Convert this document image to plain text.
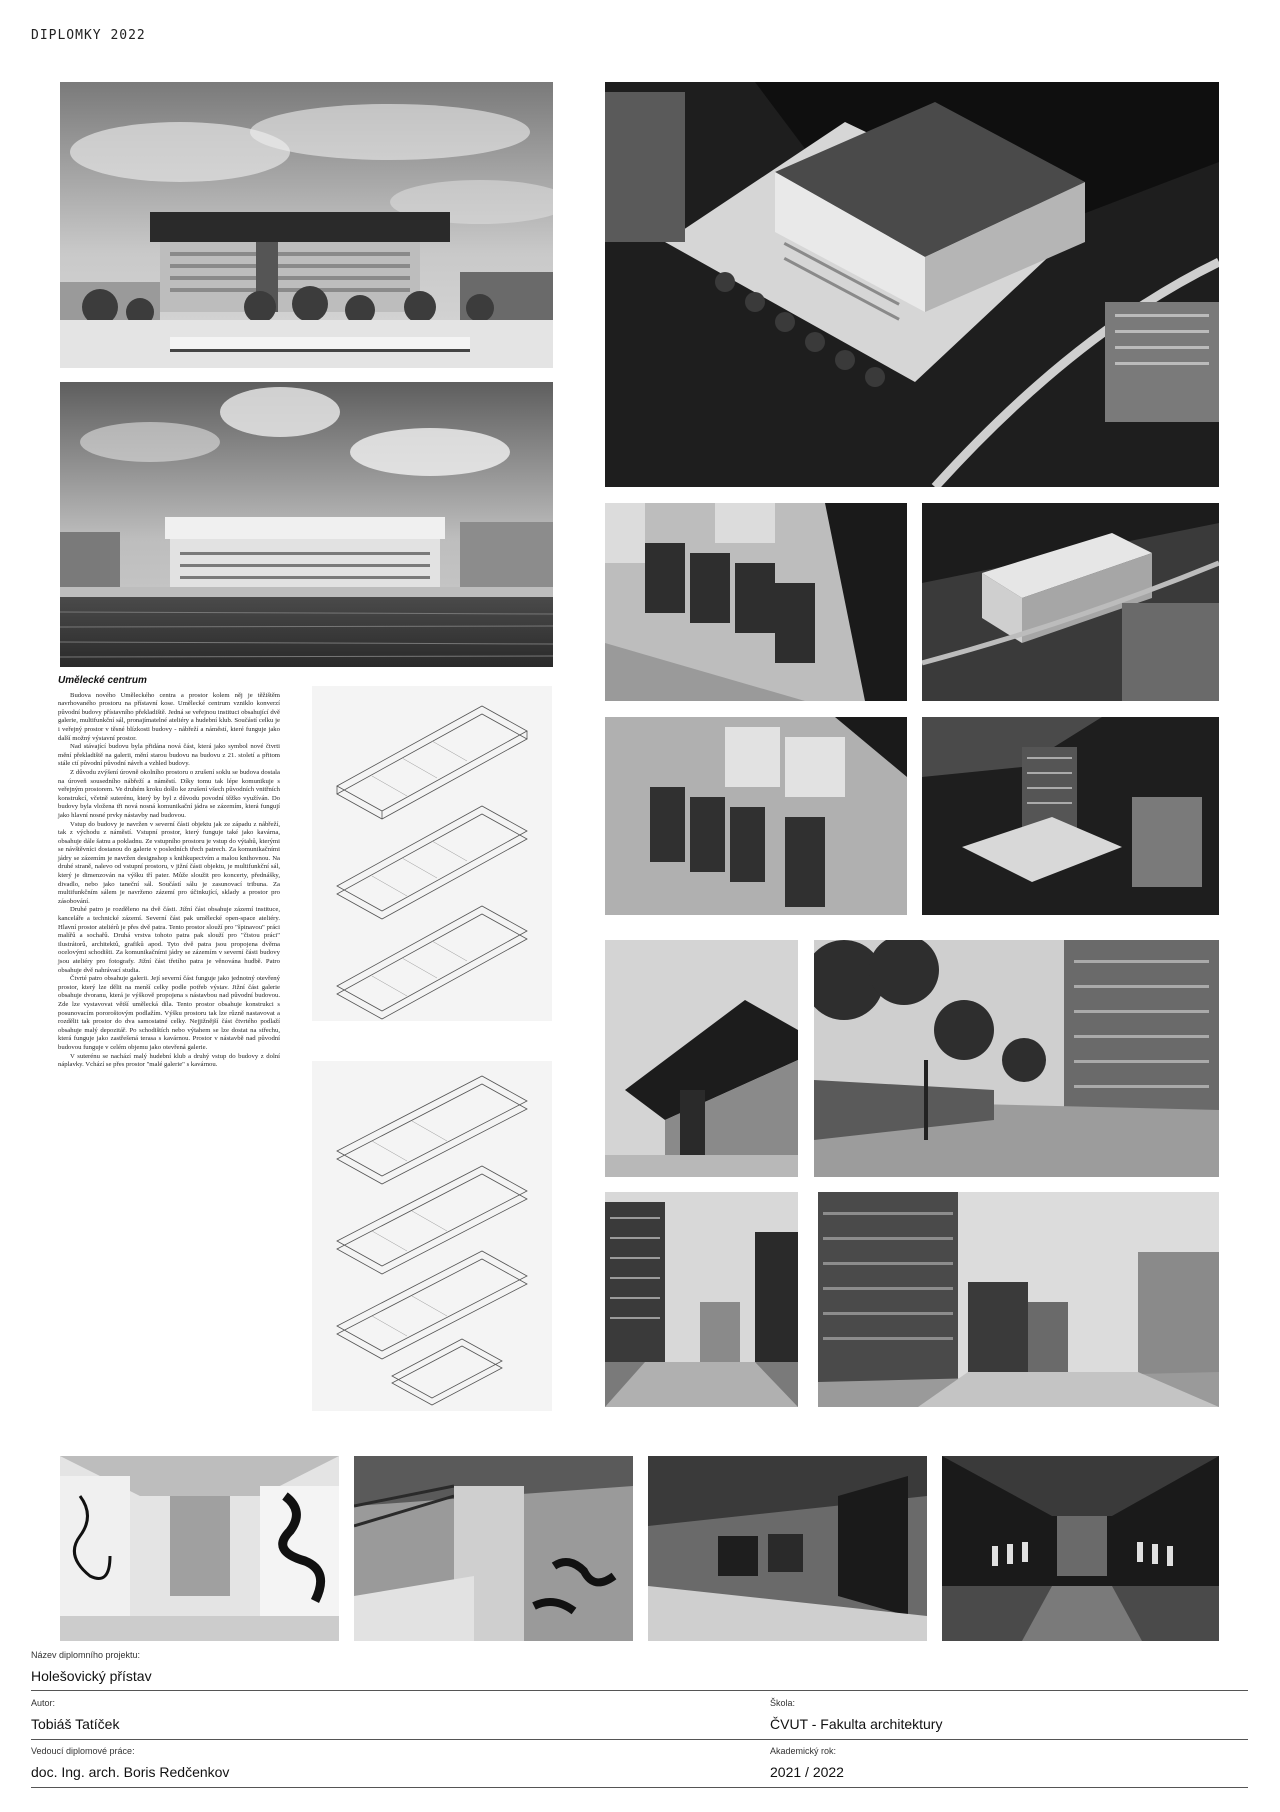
DIPLOMKY 2022
Umělecké centrum

Budova nového Uměleckého centra a prostor kolem něj je těžištěm navrhovaného prostoru na přístavní kose. Umělecké centrum vzniklo konverzí původní budovy přístavního překladiště. Jedná se veřejnou instituci obsahující dvě galerie, multifunkční sál, pronajímatelné ateliéry a hudební klub. Součástí celku je i veřejný prostor v těsné blízkosti budovy - nábřeží a náměstí, které funguje jako další možný výstavní prostor.

Nad stávající budovu byla přidána nová část, která jako symbol nové čtvrti mění překladiště na galerii, mění starou budovu na budovu z 21. století a přitom stále ctí původní původní návrh a vzhled budovy.

Z důvodu zvýšení úrovně okolního prostoru o zrušení soklu se budova dostala na úroveň sousedního nábřeží a náměstí. Díky tomu tak lépe komunikuje s veřejným prostorem. Ve druhém kroku došlo ke zrušení všech původních vnitřních konstrukcí, včetně suterénu, který by byl z důvodu povodní těžko využíván. Do budovy byla vložena tři nová nosná komunikační jádra se zázemím, která fungují jako hlavní nosné prvky nástavby nad budovou.

Vstup do budovy je navržen v severní části objektu jak ze západu z nábřeží, tak z východu z náměstí. Vstupní prostor, který funguje také jako kavárna, obsahuje dále šatnu a pokladnu. Ze vstupního prostoru je vstup do výtahů, kterými se návštěvníci dostanou do galerie v posledních třech patrech. Za komunikačními jádry se zázemím je navržen designshop s knihkupectvím a malou knihovnou. Na druhé straně, nalevo od vstupní prostoru, v jižní části objektu, je multifunkční sál, který je dimenzován na výšku tří pater. Může sloužit pro koncerty, přednášky, divadlo, nebo jako taneční sál. Součástí sálu je zasunovací tribuna. Za multifunkčním sálem je navrženo zázemí pro účinkující, sklady a prostor pro zásobování.

Druhé patro je rozděleno na dvě části. Jižní část obsahuje zázemí instituce, kanceláře a technické zázemí. Severní část pak umělecké open-space ateliéry. Hlavní prostor ateliérů je přes dvě patra. Tento prostor slouží pro "špinavou" práci malířů a sochařů. Druhá vrstva tohoto patra pak slouží pro "čistou práci" ilustrátorů, architektů, grafiků apod. Tyto dvě patra jsou propojena dvěma ocelovými schodišti. Za komunikačními jádry se zázemím v severní části budovy jsou ateliéry pro fotografy. Jižní část třetího patra je věnována hudbě. Patro obsahuje dvě nahrávací studia.

Čtvrté patro obsahuje galerii. Její severní část funguje jako jednotný otevřený prostor, který lze dělit na menší celky podle potřeb výstav. Jižní část galerie obsahuje dvoranu, která je výškově propojena s nástavbou nad původní budovou. Zde lze vystavovat větší umělecká díla. Tento prostor obsahuje konstrukci s posunovacím pororoštovým podlažím. Výšku prostoru tak lze různě nastavovat a rozdělit tak prostor do dva samostatné celky. Nejjižnější část čtvrtého podlaží obsahuje malý depozitář. Po schodištích nebo výtahem se lze dostat na střechu, která funguje jako zastřešená terasa s kavárnou. Prostor v nástavbě nad původní budovou funguje v celém objemu jako otevřená galerie.

V suterénu se nachází malý hudební klub a druhý vstup do budovy z dolní náplavky. Vchází se přes prostor "malé galerie" s kavárnou.

Název diplomního projektu:
Holešovický přístav
Autor:
Tobiáš Tatíček
Škola:
ČVUT - Fakulta architektury
Vedoucí diplomové práce:
doc. Ing. arch. Boris Redčenkov
Akademický rok:
2021 / 2022
